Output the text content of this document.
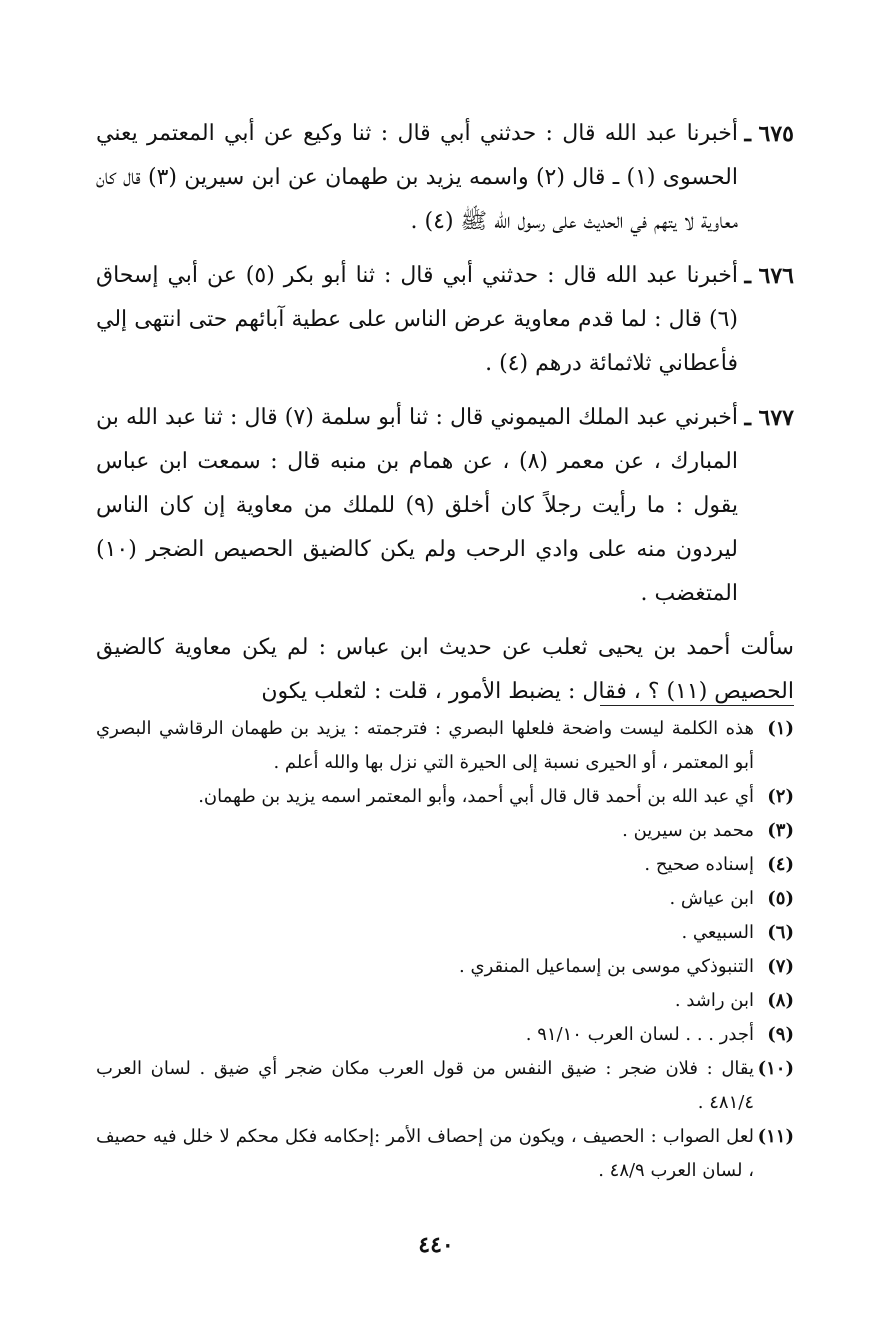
٦٧٥ ـ
أخبرنا عبد الله قال : حدثني أبي قال : ثنا وكيع عن أبي المعتمر يعني الحسوى (١) ـ قال (٢) واسمه يزيد بن طهمان عن ابن سيرين (٣) قال كان معاوية لا يتهم في الحديث على رسول الله ﷺ (٤) .
٦٧٦ ـ
أخبرنا عبد الله قال : حدثني أبي قال : ثنا أبو بكر (٥) عن أبي إسحاق (٦) قال : لما قدم معاوية عرض الناس على عطية آبائهم حتى انتهى إلي فأعطاني ثلاثمائة درهم (٤) .
٦٧٧ ـ
أخبرني عبد الملك الميموني قال : ثنا أبو سلمة (٧) قال : ثنا عبد الله بن المبارك ، عن معمر (٨) ، عن همام بن منبه قال : سمعت ابن عباس يقول : ما رأيت رجلاً كان أخلق (٩) للملك من معاوية إن كان الناس ليردون منه على وادي الرحب ولم يكن كالضيق الحصيص الضجر (١٠) المتغضب .

سألت أحمد بن يحيى ثعلب عن حديث ابن عباس : لم يكن معاوية كالضيق الحصيص (١١) ؟ ، فقال : يضبط الأمور ، قلت : لثعلب يكون

(١)
هذه الكلمة ليست واضحة فلعلها البصري : فترجمته : يزيد بن طهمان الرقاشي البصري أبو المعتمر ، أو الحيرى نسبة إلى الحيرة التي نزل بها والله أعلم .
(٢)
أي عبد الله بن أحمد قال قال أبي أحمد، وأبو المعتمر اسمه يزيد بن طهمان.
(٣)
محمد بن سيرين .
(٤)
إسناده صحيح .
(٥)
ابن عياش .
(٦)
السبيعي .
(٧)
التنبوذكي موسى بن إسماعيل المنقري .
(٨)
ابن راشد .
(٩)
أجدر . . . لسان العرب ٩١/١٠ .
(١٠)
يقال : فلان ضجر : ضيق النفس من قول العرب مكان ضجر أي ضيق . لسان العرب ٤٨١/٤ .
(١١)
لعل الصواب : الحصيف ، ويكون من إحصاف الأمر :إحكامه فكل محكم لا خلل فيه حصيف ، لسان العرب ٤٨/٩ .
٤٤٠
